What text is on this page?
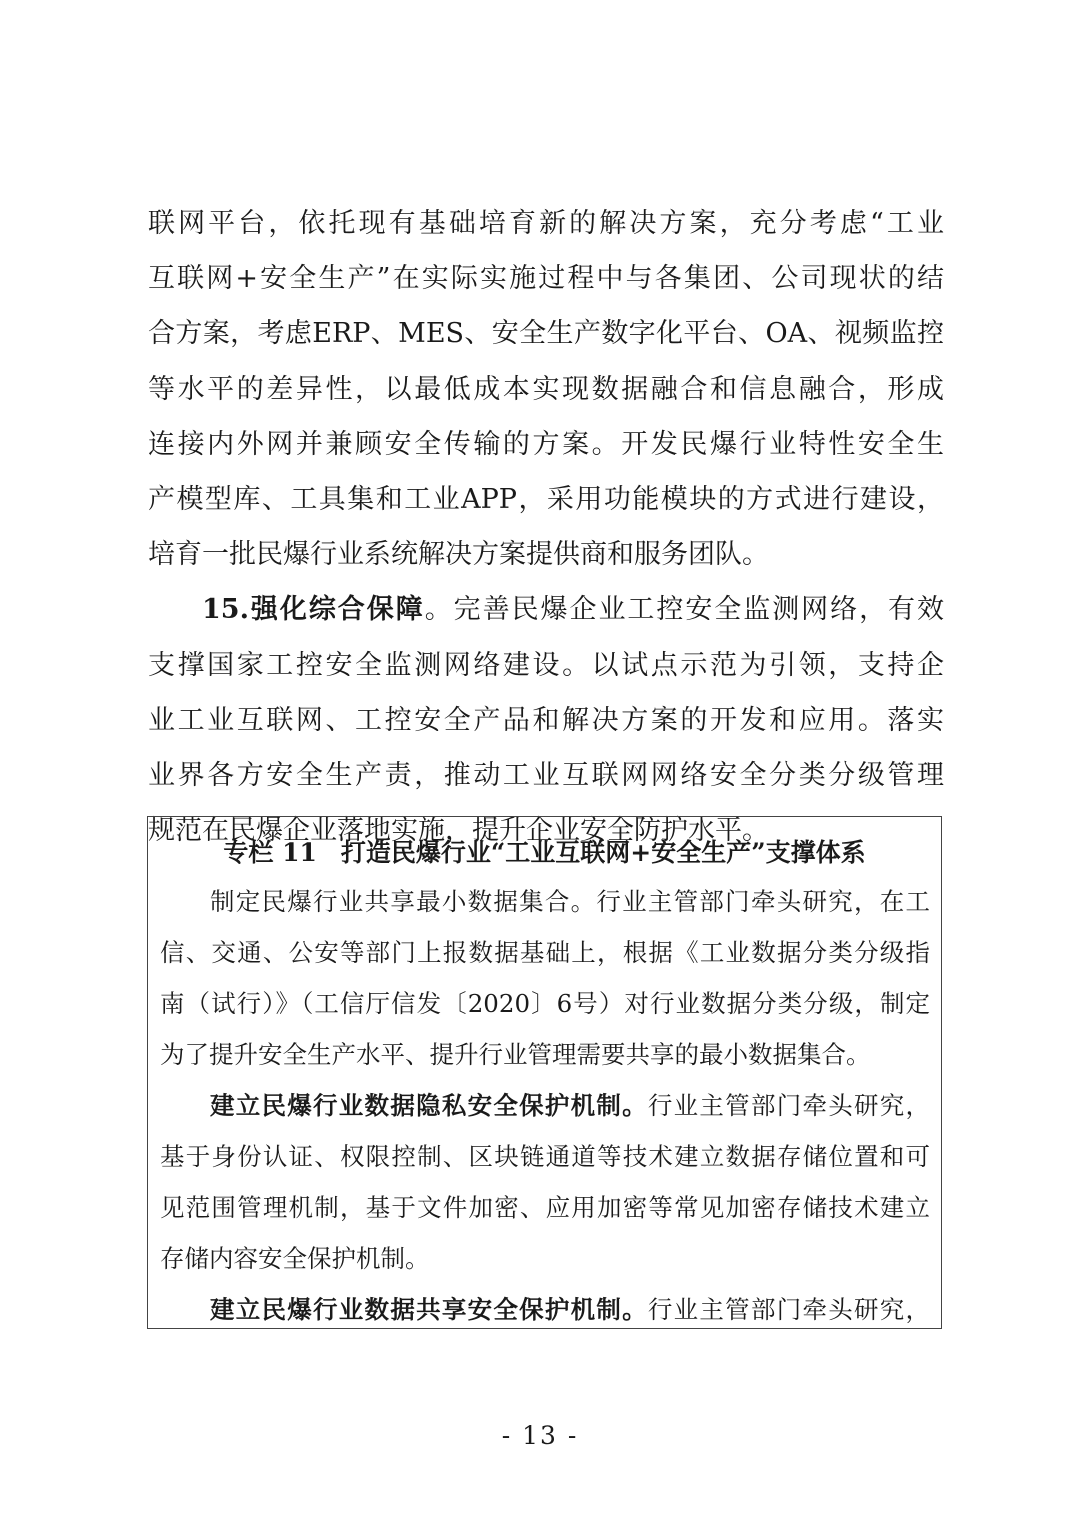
联网平台，依托现有基础培育新的解决方案，充分考虑“工业
互联网+安全生产”在实际实施过程中与各集团、公司现状的结
合方案，考虑ERP、MES、安全生产数字化平台、OA、视频监控
等水平的差异性，以最低成本实现数据融合和信息融合，形成
连接内外网并兼顾安全传输的方案。开发民爆行业特性安全生
产模型库、工具集和工业APP，采用功能模块的方式进行建设，
培育一批民爆行业系统解决方案提供商和服务团队。
15.强化综合保障。完善民爆企业工控安全监测网络，有效
支撑国家工控安全监测网络建设。以试点示范为引领，支持企
业工业互联网、工控安全产品和解决方案的开发和应用。落实
业界各方安全生产责，推动工业互联网网络安全分类分级管理
规范在民爆企业落地实施，提升企业安全防护水平。
专栏 11 打造民爆行业“工业互联网+安全生产”支撑体系
制定民爆行业共享最小数据集合。行业主管部门牵头研究，在工
信、交通、公安等部门上报数据基础上，根据《工业数据分类分级指
南（试行）》（工信厅信发〔2020〕6号）对行业数据分类分级，制定
为了提升安全生产水平、提升行业管理需要共享的最小数据集合。
建立民爆行业数据隐私安全保护机制。行业主管部门牵头研究，
基于身份认证、权限控制、区块链通道等技术建立数据存储位置和可
见范围管理机制，基于文件加密、应用加密等常见加密存储技术建立
存储内容安全保护机制。
建立民爆行业数据共享安全保护机制。行业主管部门牵头研究，
- 13 -
